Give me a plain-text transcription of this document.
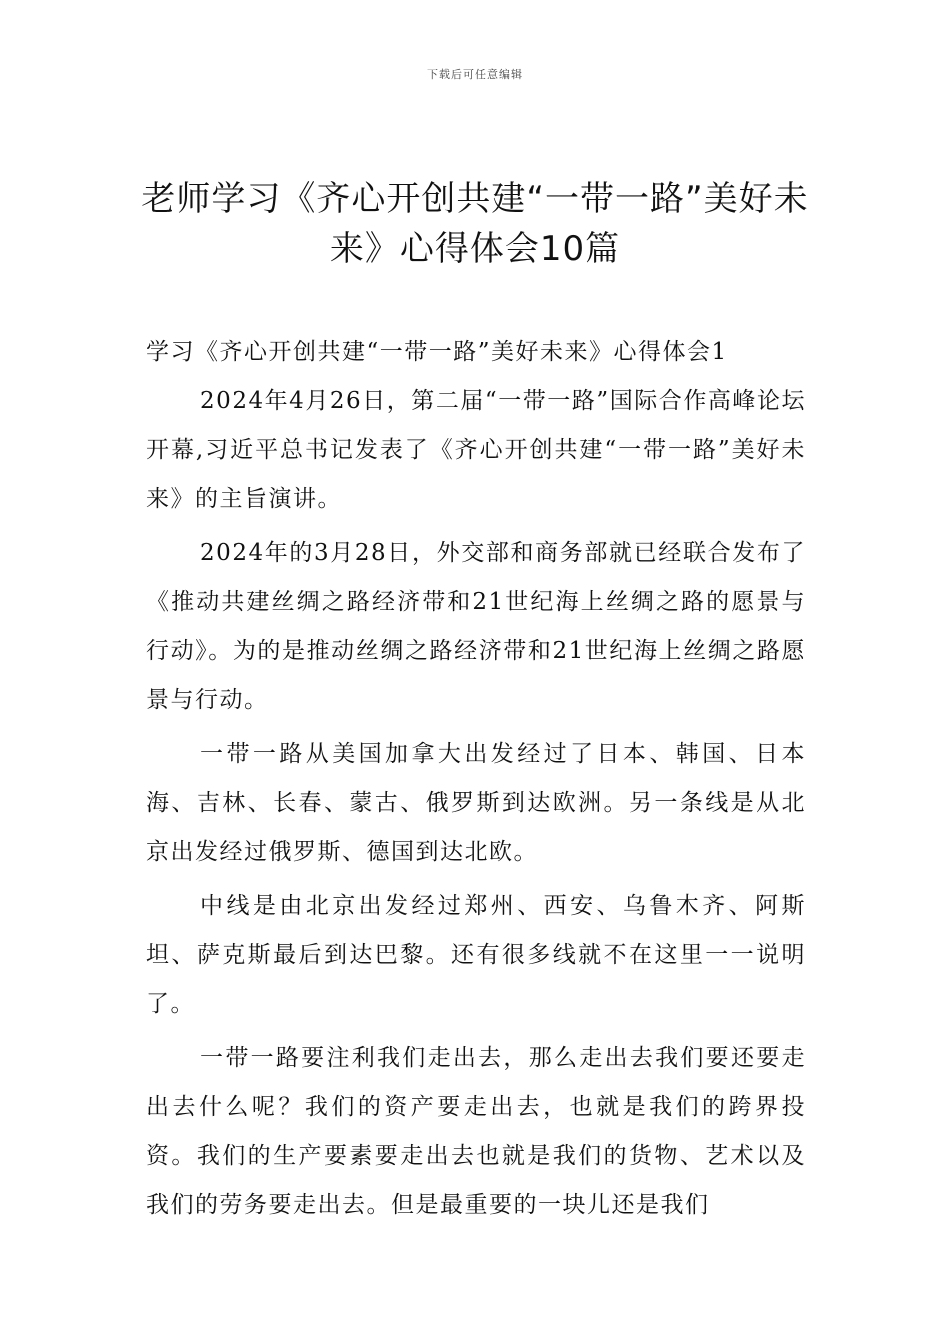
下载后可任意编辑
老师学习《齐心开创共建“一带一路”美好未来》心得体会10篇

学习《齐心开创共建“一带一路”美好未来》心得体会1

2024年4月26日，第二届“一带一路”国际合作高峰论坛开幕,习近平总书记发表了《齐心开创共建“一带一路”美好未来》的主旨演讲。

2024年的3月28日，外交部和商务部就已经联合发布了《推动共建丝绸之路经济带和21世纪海上丝绸之路的愿景与行动》。为的是推动丝绸之路经济带和21世纪海上丝绸之路愿景与行动。

一带一路从美国加拿大出发经过了日本、韩国、日本海、吉林、长春、蒙古、俄罗斯到达欧洲。另一条线是从北京出发经过俄罗斯、德国到达北欧。

中线是由北京出发经过郑州、西安、乌鲁木齐、阿斯坦、萨克斯最后到达巴黎。还有很多线就不在这里一一说明了。

一带一路要注利我们走出去，那么走出去我们要还要走出去什么呢？我们的资产要走出去，也就是我们的跨界投资。我们的生产要素要走出去也就是我们的货物、艺术以及我们的劳务要走出去。但是最重要的一块儿还是我们
